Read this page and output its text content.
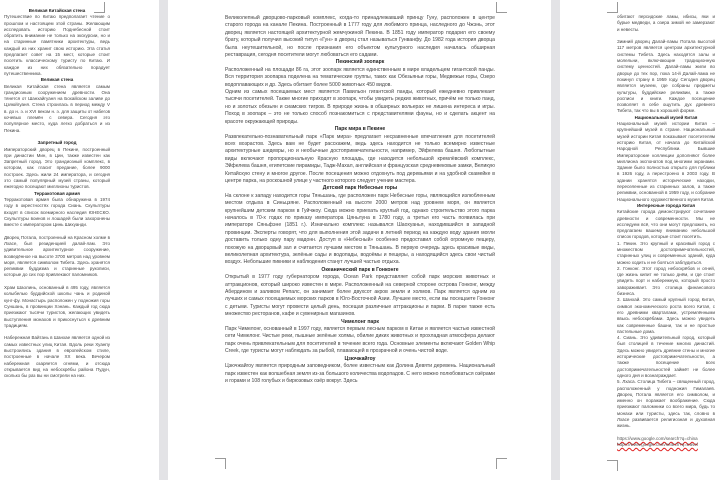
Великая Китайская стена

Путешествие по Китаю предполагает чтение о прошлом и настоящем этой страны. Желающим исследовать историю Поднебесной стоит обратить внимание не только на экскурсии, но и на старинные памятники архитектуры, ведь каждый из них хранит свою историю. Эта статья предлагает совет на 15 мест, которые стоит посетить классическому туристу по Китаю. И каждое из них обязательно порадует путешественника.

Великая стена

Великая Китайская стена является самым грандиозным сооружением древности. Она тянется от Шанхайгуаня на Бохайском заливе до Цзяюйгуаня. Стена строилась в период между V в. до н. э. и XVI веком н. э. для защиты от набегов кочевых племён с севера. Сегодня это популярное место, куда легко добраться и из Пекина.

Запретный город

Императорский дворец в Пекине, построенный при династии Мин, в Цин, также известен как Запретный город. Это грандиозный комплекс, в котором, как гласит предание, более 9000 построек. Здесь жили 24 императора, и сегодня это самый популярный музей страны, который ежегодно посещают миллионы туристов.

Терракотовая армия

Терракотовая армия была обнаружена в 1974 году в окрестностях города Сиань. Скульптуры входят в список всемирного наследия ЮНЕСКО. Скульптуры воинов и лошадей были захоронены вместе с императором Цинь Шихуанди.

Дворец Потала, построенный на Красном холме в Лхасе, был резиденцией далай-лам. Это удивительное архитектурное сооружение, возведённое на высоте 3700 метров над уровнем моря, является символом Тибета. Здесь хранятся реликвии буддизма и старинные рукописи, которые до сих пор привлекают паломников.

Храм Шаолинь, основанный в 495 году, является колыбелью буддийской школы чань и родиной кунг-фу. Монастырь расположен у подножия горы Суншань, в провинции Хэнань. Каждый год сюда приезжают тысячи туристов, желающих увидеть выступления монахов и прикоснуться к древним традициям.

Набережная Вайтань в Шанхае является одной из самых известных улиц Китая. Вдоль реки Хуанпу выстроились здания в европейском стиле, построенные в начале XX века. Вечером набережная озаряется огнями, и отсюда открывается вид на небоскрёбы района Пудун, сколько бы раз вы ни смотрели на них.

Великолепный дворцово-парковый комплекс, когда-то принадлежавший принцу Гуну, расположен в центре старого города на канале Пекина. Построенный в 1777 году для любимого принца, наследного до Чжэнь, этот дворец является настоящей архитектурной жемчужиной Пекина. В 1851 году император подарил его своему брату, который получил высокий титул «Гун» в дворец стал называться Гунванфу. До 1982 года история дворца была неутешительной, но после признания его объектом культурного наследия началась обширная реставрация, сегодня посетители могут любоваться его садами.

Пекинский зоопарк

Расположенный на площади 86 га, этот зоопарк является единственным в мире владельцем гигантской панды. Вся территория зоопарка поделена на тематические группы, таких как Обезьяньи горы, Медвежьи горы, Озеро водоплавающих и др. Здесь обитает более 5000 животных 450 видов.

Одним из самых посещаемых мест является Павильон гигантской панды, который ежедневно привлекает тысячи посетителей. Также многие приходят в зоопарк, чтобы увидеть редких животных, причём не только панд, но и золотых обезьян и сиамских тигров. В природе жизнь в обширных вольерах не лишена интереса и игры. Поход в зоопарк – это не только способ познакомиться с представителями фауны, но и сделать акцент на красоте окружающей природы.

Парк мира в Пекине

Развлекательно-познавательный парк «Парк мира» предлагает несравненные впечатления для посетителей всех возрастов. Здесь вам не будет расскажем, ведь здесь находится не только всемирно известные архитектурные шедевры, но и необычные достопримечательности, например, Эйфелева башня. Любопытные виды включают пропорциональную Красную площадь, где находится небольшой кремлёвский комплекс, Эйфелева башня, египетские пирамиды, Тадж-Махал, английская и французская средневековые замки, Великую Китайскую стену и многое другое. После посещения можно отдохнуть под деревьями и на удобной скамейке в центре парка, на роскошной улице у частного которого следует учение мастера.

Детский парк Небесные горы

На склоне к западу находится горы Тяньшань, где расположен парк Небесные горы, являющийся излюбленным местом отдыха в Синьцзяне. Расположенный на высоте 2000 метров над уровнем моря, он является крупнейшим детским парком в Гуйчжоу. Сюда можно приехать круглый год, однако строительство этого парка началось в 70-х годах по приказу императора Цяньлуна в 1780 году, а третья его часть появилась при императоре Сяньфэне (1851 г.). Изначально комплекс назывался Шаохуанья, находившийся в западной провинции. Эксперты говорят, что для выполнения этой задачи в летний период на каждую воду здания могли доставить только одну пару мадонн. Доступ в «Небесный» особенно предоставил собой огромную пещеру, похожую на дворцовый зал и считается лучшим местом в Тяньшань. В первую очередь здесь красивые виды, великолепная архитектура, зелёные сады и водопады, водоёмы и пещеры, а находящийся здесь свои чистый воздух. Небольшие пикники и наблюдения станут лучшей частью отдыха.

Океанический парк в Гонконге

Открытый в 1977 году губернатором города, Ocean Park представляет собой парк морских животных и аттракционов, который широко известен в мире. Расположенный на северной стороне острова Гонконг, между Абердином и заливом Репалс, он занимает более двухсот акров земли и холмов. Парк является одним из лучших и самых посещаемых морских парков в Юго-Восточной Азии. Лучшее место, если вы посещаете Гонконг с детьми. Туристы могут провести целый день, посещая различные аттракционы и парки. В парке также есть множество ресторанов, кафе и сувенирных магазинов.

Чимелонг парк

Парк Чимелонг, основанный в 1997 году, является первым лесным парком в Китае и является частью известной сети Чимелонг. Чистые реки, пышные зелёные холмы, обилие диких животных и прохладная атмосфера делают парк очень привлекательным для посетителей в течение всего года. Основные элементы включают Golden Whip Creek, где туристы могут наблюдать за рыбой, плавающей в прозрачной и очень чистой воде.

Цзючжайгоу

Цзючжайгоу является природным заповедником, более известным как Долина Девяти деревень. Национальный парк известен как волшебная земля из-за большого количества водопадов. С него можно полюбоваться озёрами и горами и 108 голубых и бирюзовых озёр вокруг. Здесь

обитают персидские ламы, ибисы, яки и бурые медведи, а озера зимой не замерзают и невесты.

Зимний дворец Далай-ламы Потала высотой 117 метров является центром архитектурной системы Тибета. Здесь находятся залы и молельни, включающие традиционную систему ценностей. Далай-ламы жили во дворце до тех пор, пока 14-й Далай-лама не покинул страну в 1959 году. Сегодня дворец является музеем, где собраны предметы культуры, буддийские реликвии, а также росписи и книги. Каждое посещение позволяет в себе ощутить дух древнего Тибета, так что вы в хорошей форме.

Национальный музей Китая

Национальный музей истории Китая – крупнейший музей в стране. Национальный музей истории Китая показывает посетителям историю Китая, от начала до Китайской Народной Республики. Бывшие Императорские коллекции дополняют более миллиона экспонатов под многими экранами. Здание было полностью открыто для публики в 1926 году, а перестроено в 2003 году. В здании хранятся исторические находки, переселенные из старинных залов, а также реликвии, основанной в 1959 году, и собрание Национального художественного музея Китая.

Интересные города Китая

Китайские города демонстрируют сочетание древности и современности. Мы не исследуем всё, что они могут предложить, но предлагаем вашему вниманию небольшой список городов, которые стоит посетить.

1. Пекин. Это крупный и красивый город с множеством достопримечательностей, старинных улиц и современных зданий, куда можно ходить и не бояться заблудиться.

2. Гонконг. Этот город небоскрёбов и огней, где жизнь кипит не только днём, и где стоит увидеть порт и набережную, который просто завораживает. Это столица финансового бизнеса.

3. Шанхай. Это самый крупный город Китая, символ экономического роста всего Китая, с его древними кварталами, устремлёнными ввысь небоскрёбами. Здесь можно увидеть как современные башни, так и не простые пастельные дома.

4. Сиань. Это удивительный город, который был столицей в течение многих династий. Здесь можно увидеть древние стены и многие исторические достопримечательности, а также посещение всех достопримечательностей займёт не более одного дня и вознаграждает.

5. Лхаса. Столица Тибета – священный город, расположенный у подножия Гималаев. Дворец Потала является его символом, и именно он поражает воображение. Сюда приезжают паломники со всего мира, будь то монахи или туристы, здесь так, словно в Лхасе развивается религиозная и духовная жизнь.

https://www.google.com/search?q=china
https://www.google.com/search?q=travel
